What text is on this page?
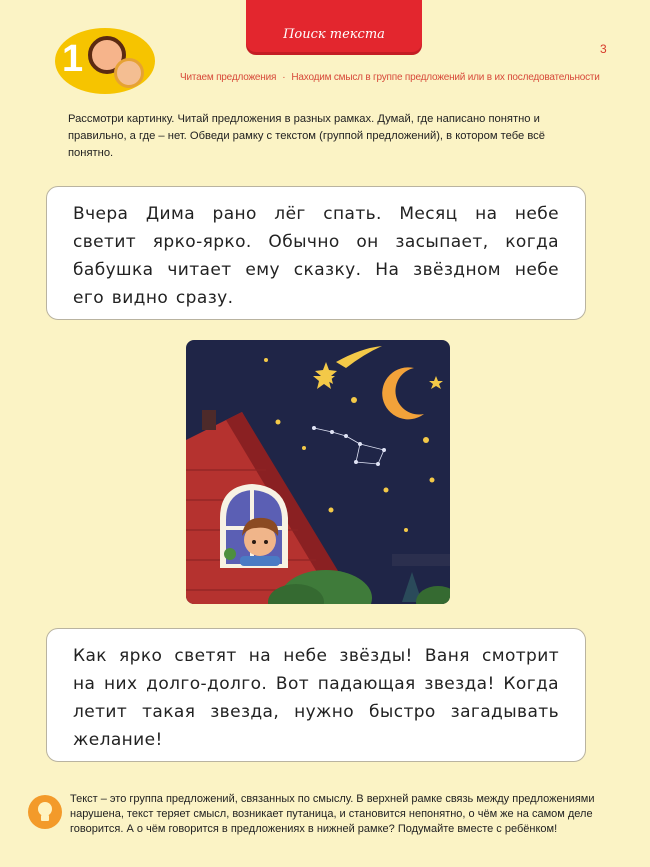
Поиск текста
3
1	Читаем предложения · Находим смысл в группе предложений или в их последовательности
Рассмотри картинку. Читай предложения в разных рамках. Думай, где написано понятно и правильно, а где – нет. Обведи рамку с текстом (группой предложений), в котором тебе всё понятно.
Вчера Дима рано лёг спать. Месяц на небе светит ярко-ярко. Обычно он засыпает, когда бабушка читает ему сказку. На звёздном небе его видно сразу.
Как ярко светят на небе звёзды! Ваня смотрит на них долго-долго. Вот падающая звезда! Когда летит такая звезда, нужно быстро загадывать желание!
Текст – это группа предложений, связанных по смыслу. В верхней рамке связь между предложениями нарушена, текст теряет смысл, возникает путаница, и становится непонятно, о чём же на самом деле говорится. А о чём говорится в предложениях в нижней рамке? Подумайте вместе с ребёнком!
